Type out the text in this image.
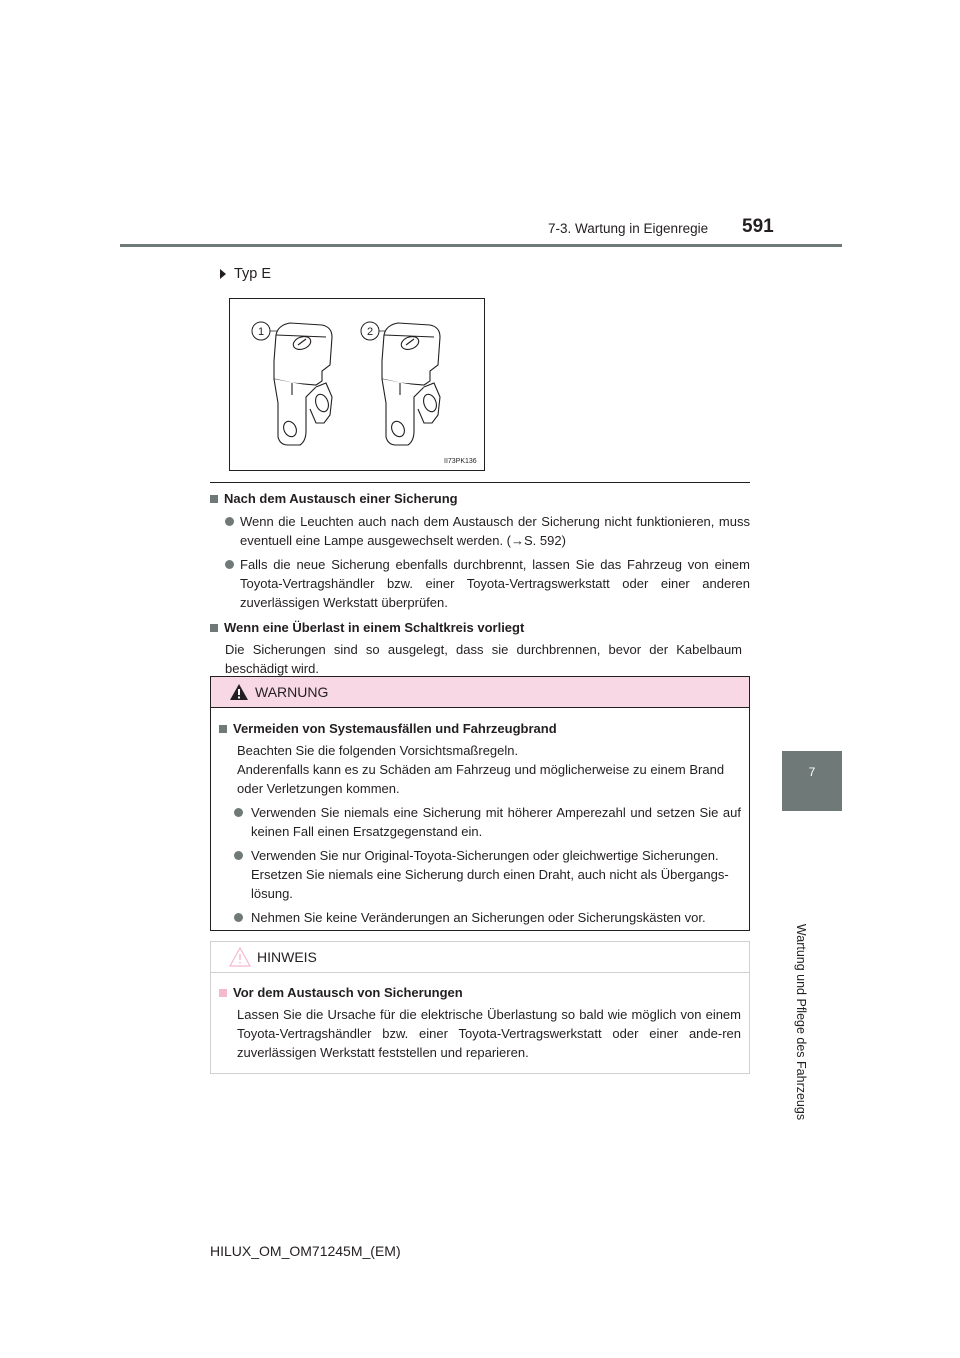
7-3. Wartung in Eigenregie 591
7
Wartung und Pflege des Fahrzeugs
Typ E
1	2
II73PK136
Nach dem Austausch einer Sicherung
Wenn die Leuchten auch nach dem Austausch der Sicherung nicht funktionieren, muss eventuell eine Lampe ausgewechselt werden. (→S. 592)
Falls die neue Sicherung ebenfalls durchbrennt, lassen Sie das Fahrzeug von einem Toyota-Vertragshändler bzw. einer Toyota-Vertragswerkstatt oder einer anderen zuverlässigen Werkstatt überprüfen.
Wenn eine Überlast in einem Schaltkreis vorliegt
Die Sicherungen sind so ausgelegt, dass sie durchbrennen, bevor der Kabelbaum beschädigt wird.
WARNUNG
Vermeiden von Systemausfällen und Fahrzeugbrand
Beachten Sie die folgenden Vorsichtsmaßregeln.
Anderenfalls kann es zu Schäden am Fahrzeug und möglicherweise zu einem Brand oder Verletzungen kommen.
Verwenden Sie niemals eine Sicherung mit höherer Amperezahl und setzen Sie auf keinen Fall einen Ersatzgegenstand ein.
Verwenden Sie nur Original-Toyota-Sicherungen oder gleichwertige Sicherungen. Ersetzen Sie niemals eine Sicherung durch einen Draht, auch nicht als Übergangs-lösung.
Nehmen Sie keine Veränderungen an Sicherungen oder Sicherungskästen vor.
HINWEIS
Vor dem Austausch von Sicherungen
Lassen Sie die Ursache für die elektrische Überlastung so bald wie möglich von einem Toyota-Vertragshändler bzw. einer Toyota-Vertragswerkstatt oder einer ande-ren zuverlässigen Werkstatt feststellen und reparieren.
HILUX_OM_OM71245M_(EM)
